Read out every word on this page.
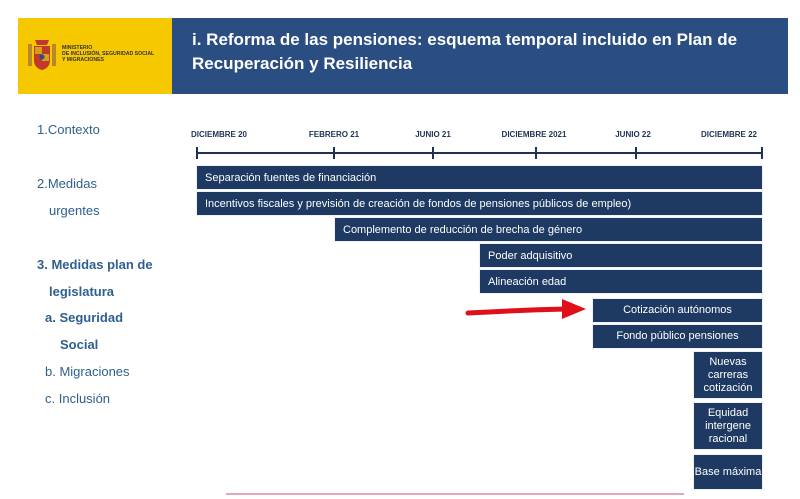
MINISTERIO
DE INCLUSIÓN, SEGURIDAD SOCIAL
Y MIGRACIONES
i. Reforma de las pensiones: esquema temporal incluido en Plan de Recuperación y Resiliencia
1.Contexto
2.Medidas
urgentes
3. Medidas plan de
legislatura
a. Seguridad
Social
b. Migraciones
c. Inclusión
DICIEMBRE 20	FEBRERO 21	JUNIO 21	DICIEMBRE 2021	JUNIO 22	DICIEMBRE 22
Separación fuentes de financiación
Incentivos fiscales y previsión de creación de fondos de pensiones públicos de empleo)
Complemento de reducción de brecha de género
Poder adquisitivo
Alineación edad
Cotización autónomos
Fondo público pensiones
Nuevas carreras cotización
Equidad intergene racional
Base máxima
